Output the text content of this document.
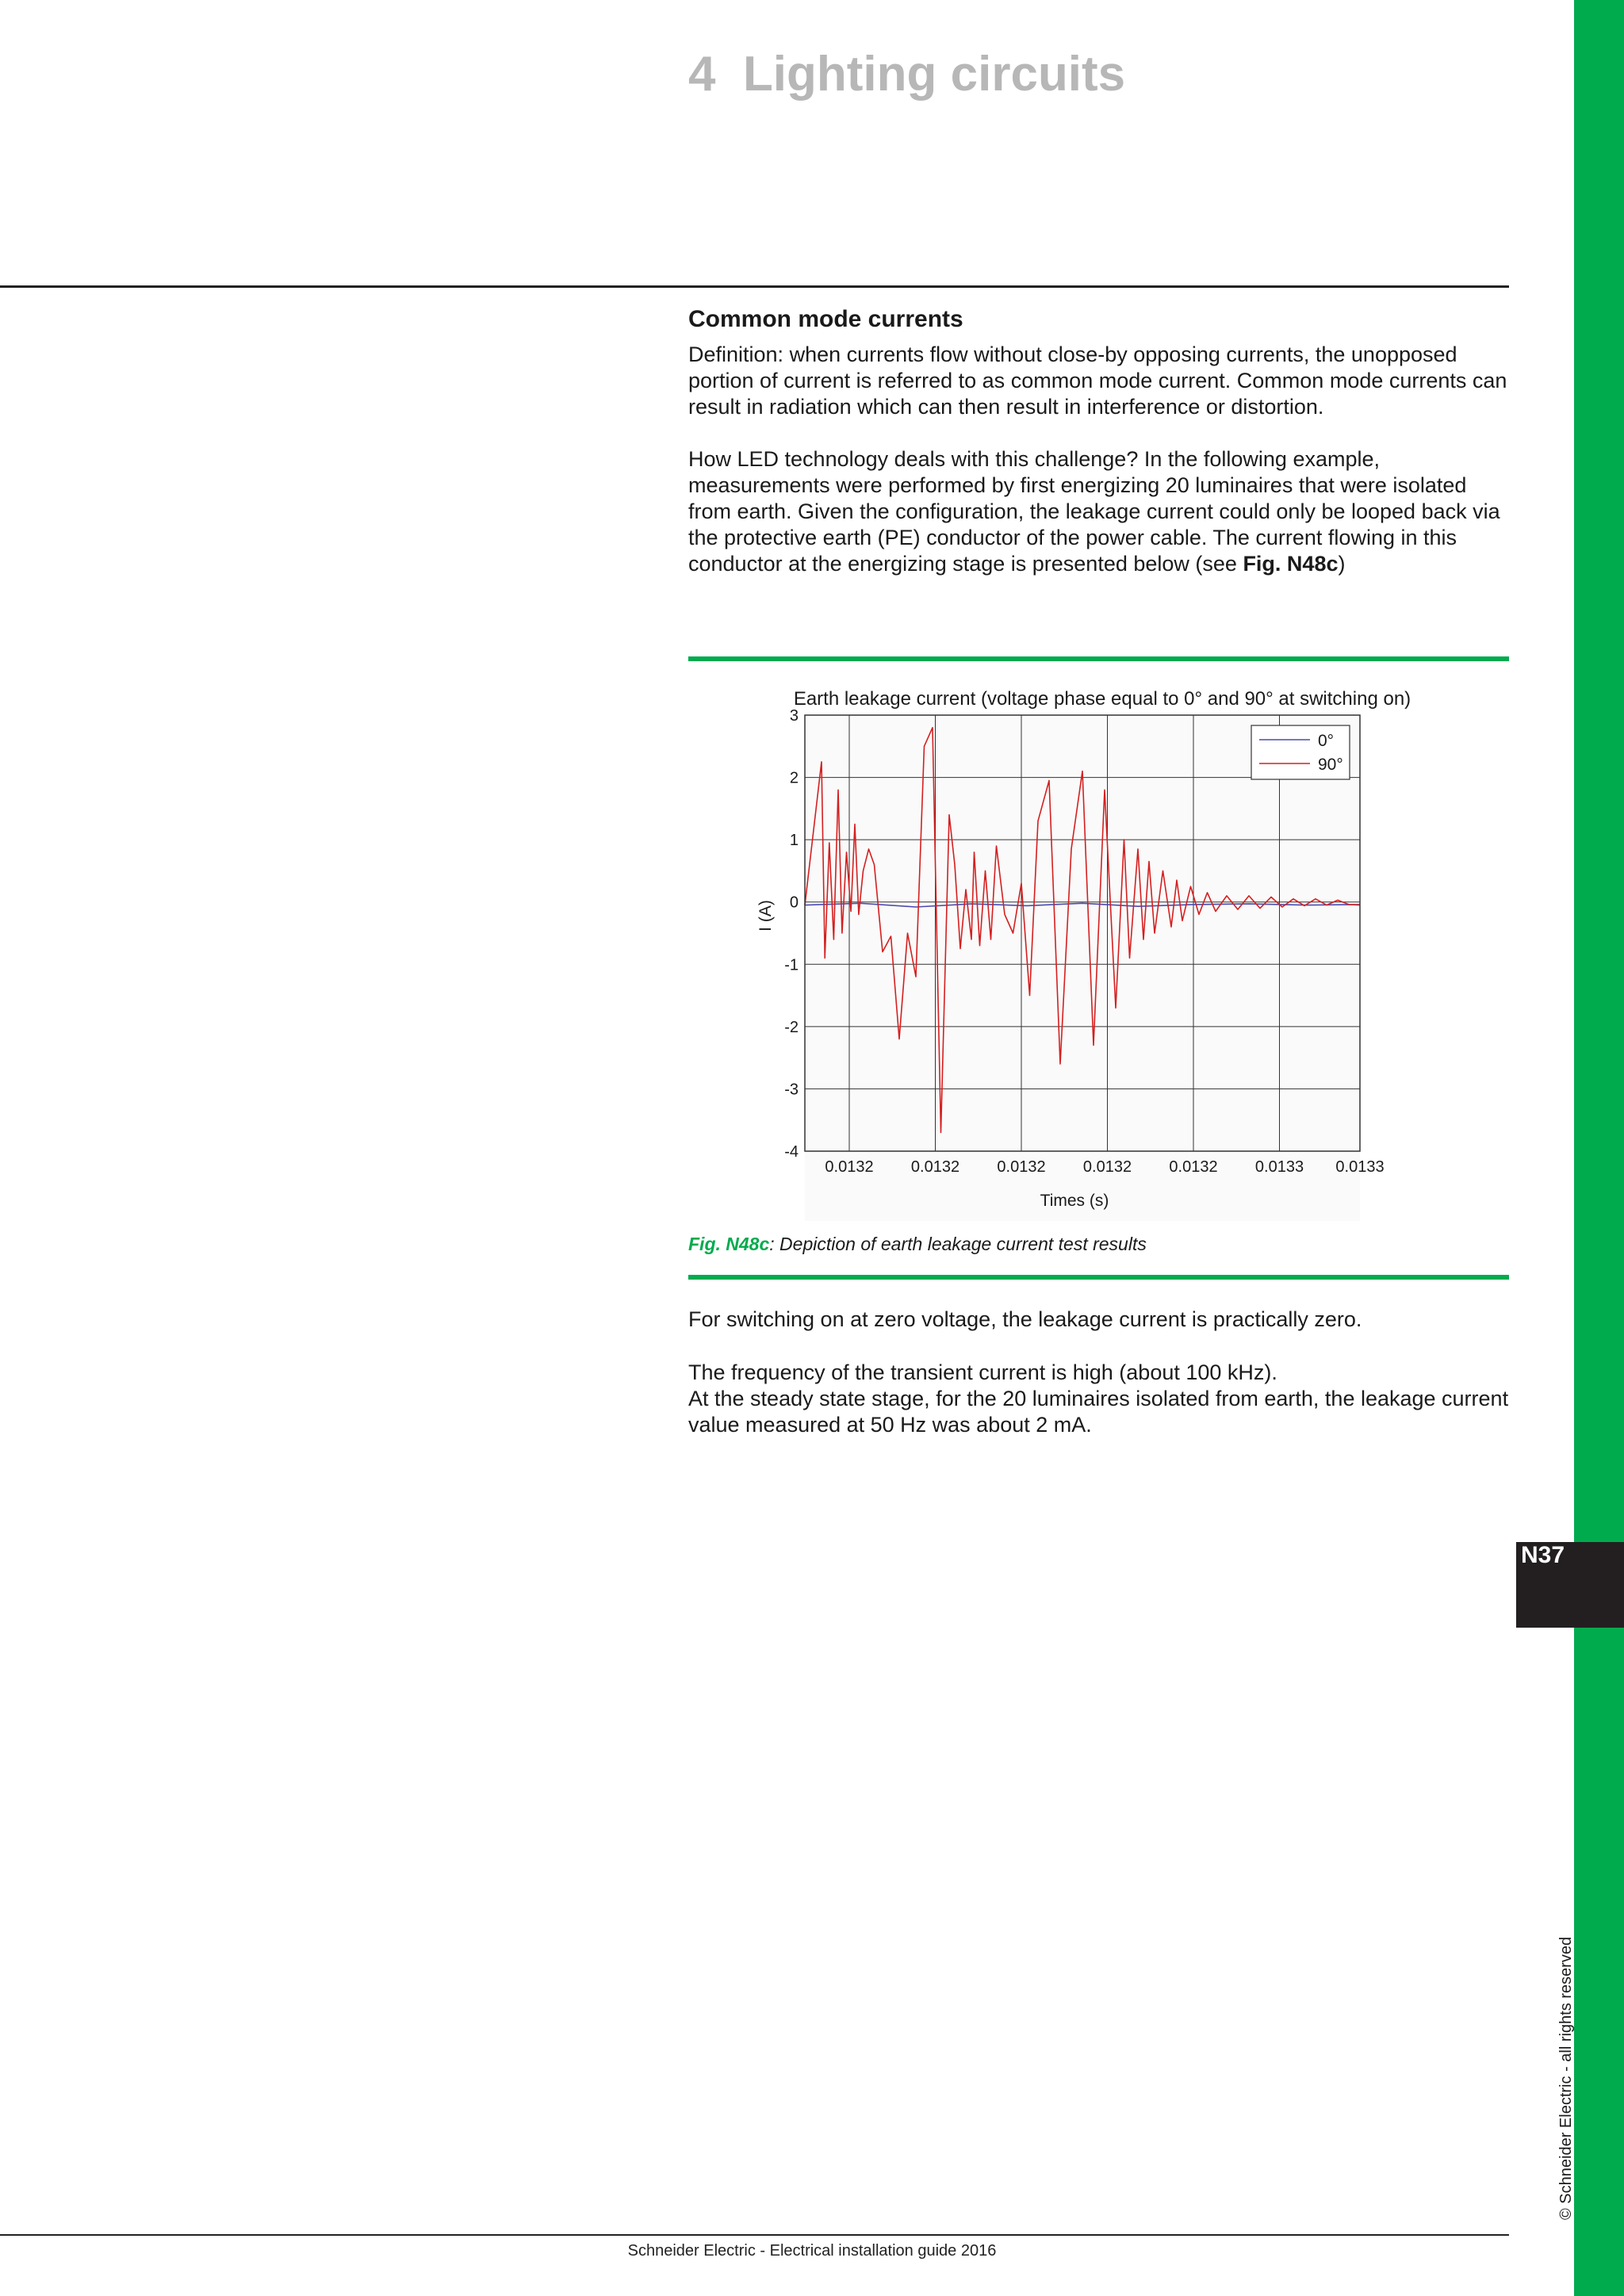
N37
© Schneider Electric - all rights reserved
4 Lighting circuits
Common mode currents

Definition: when currents flow without close-by opposing currents, the unopposed portion of current is referred to as common mode current. Common mode currents can result in radiation which can then result in interference or distortion.

How LED technology deals with this challenge? In the following example, measurements were performed by first energizing 20 luminaires that were isolated from earth. Given the configuration, the leakage current could only be looped back via the protective earth (PE) conductor of the power cable. The current flowing in this conductor at the energizing stage is presented below (see Fig. N48c)

3
2
1
0
-1
-2
-3
-4
0.0132 0.0132 0.0132 0.0132 0.0132 0.0133 0.0133
Earth leakage current (voltage phase equal to 0° and 90° at switching on)
Times (s)
I (A)
0°
90°
Fig. N48c: Depiction of earth leakage current test results

For switching on at zero voltage, the leakage current is practically zero.

The frequency of the transient current is high (about 100 kHz).
At the steady state stage, for the 20 luminaires isolated from earth, the leakage current value measured at 50 Hz was about 2 mA.

Schneider Electric - Electrical installation guide 2016
